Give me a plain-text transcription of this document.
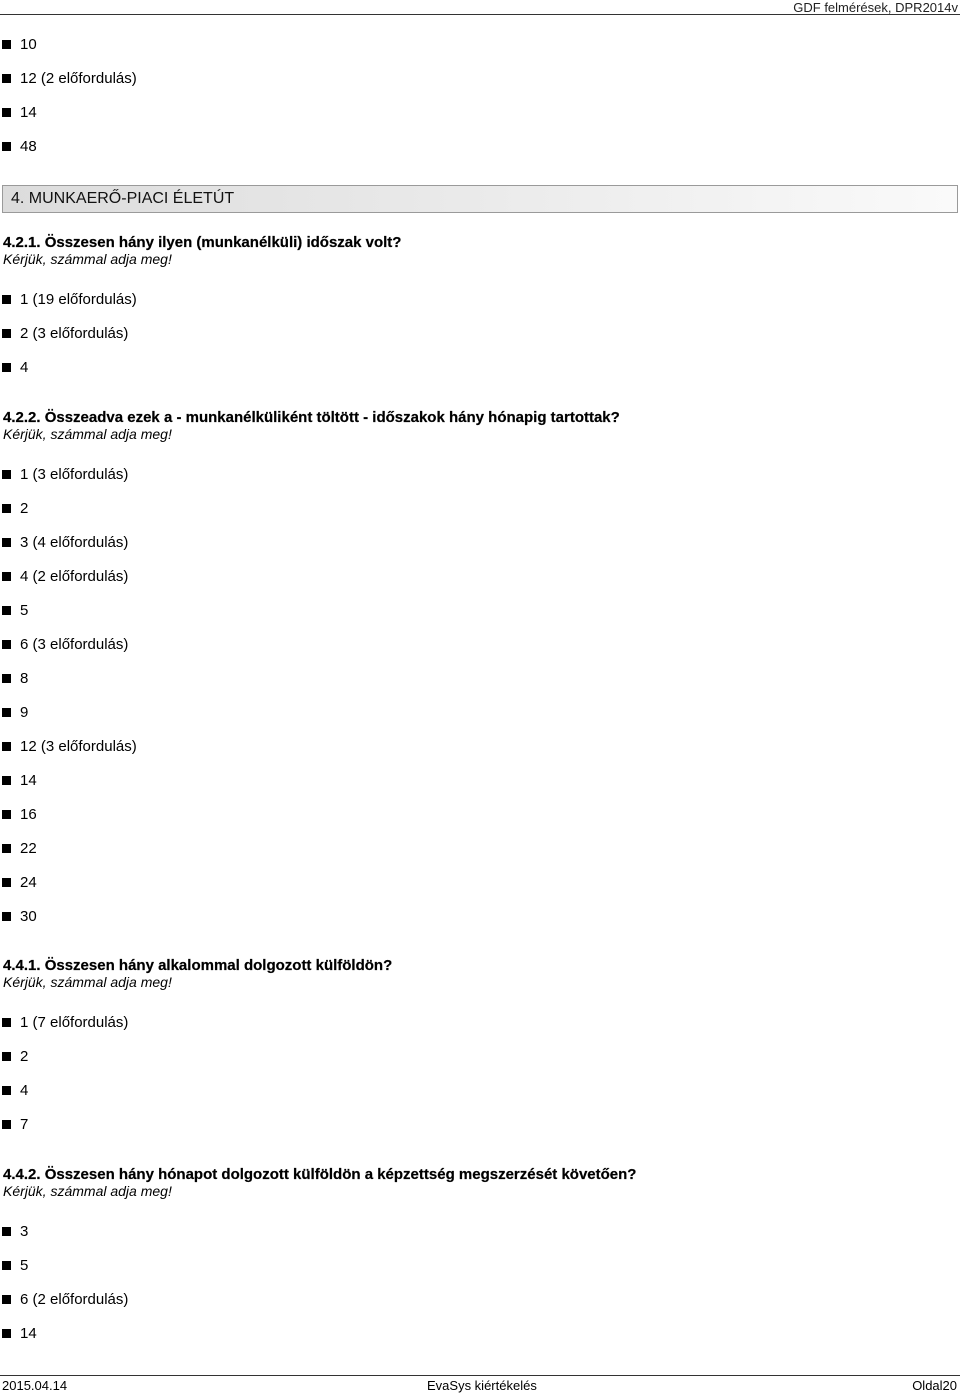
GDF felmérések, DPR2014v
10
12 (2 előfordulás)
14
48
4. MUNKAERŐ-PIACI ÉLETÚT
4.2.1. Összesen hány ilyen (munkanélküli) időszak volt?
Kérjük, számmal adja meg!
1 (19 előfordulás)
2 (3 előfordulás)
4
4.2.2. Összeadva ezek a - munkanélküliként töltött - időszakok hány hónapig tartottak?
Kérjük, számmal adja meg!
1 (3 előfordulás)
2
3 (4 előfordulás)
4 (2 előfordulás)
5
6 (3 előfordulás)
8
9
12 (3 előfordulás)
14
16
22
24
30
4.4.1. Összesen hány alkalommal dolgozott külföldön?
Kérjük, számmal adja meg!
1 (7 előfordulás)
2
4
7
4.4.2. Összesen hány hónapot dolgozott külföldön a képzettség megszerzését követően?
Kérjük, számmal adja meg!
3
5
6 (2 előfordulás)
14
2015.04.14	EvaSys kiértékelés	Oldal20
